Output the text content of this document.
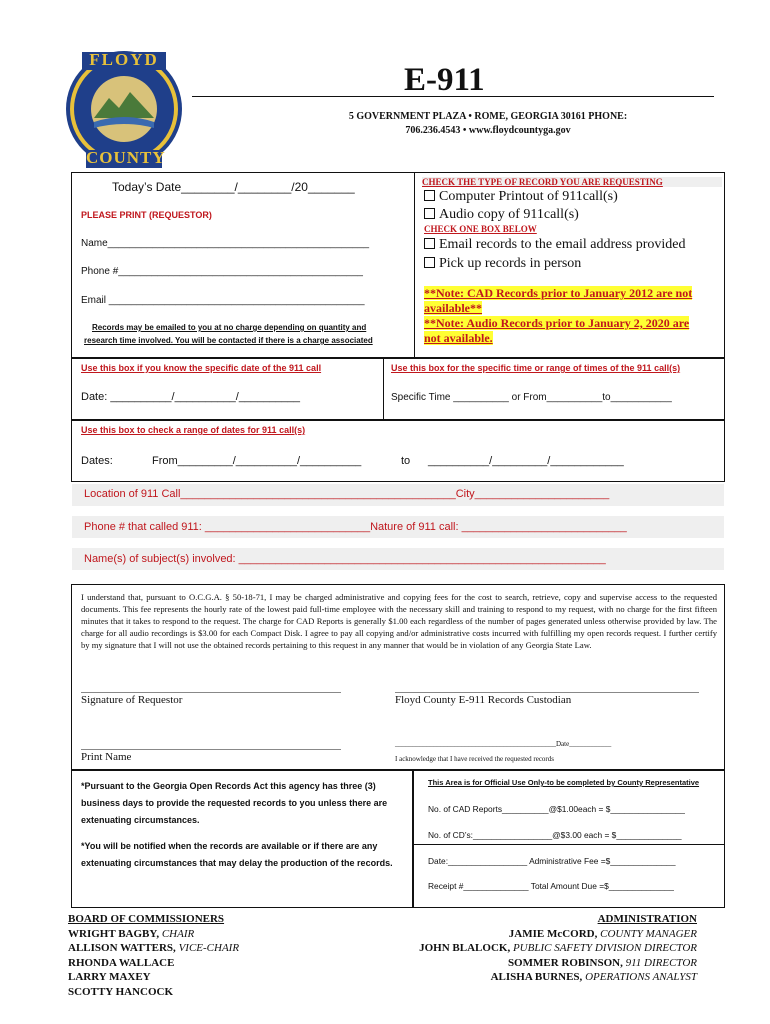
FLOYD
COUNTY
E-911
5 GOVERNMENT PLAZA • ROME, GEORGIA 30161 PHONE:
706.236.4543 • www.floydcountyga.gov
Today’s Date________/________/20_______
PLEASE PRINT (REQUESTOR)
Name_______________________________________________
Phone #____________________________________________
Email ______________________________________________
Records may be emailed to you at no charge depending on quantity and
research time involved. You will be contacted if there is a charge associated
CHECK THE TYPE OF RECORD YOU ARE REQUESTING
Computer Printout of 911call(s)
Audio copy of 911call(s)
CHECK ONE BOX BELOW
Email records to the email address provided
Pick up records in person
**Note: CAD Records prior to January 2012 are not
available**
**Note: Audio Records prior to January 2, 2020 are
not available.
Use this box if you know the specific date of the 911 call
Date: __________/__________/__________
Use this box for the specific time or range of times of the 911 call(s)
Specific Time __________ or From__________to___________
Use this box to check a range of dates for 911 call(s)
Dates:	From_________/__________/__________	to __________/_________/____________
Location of 911 Call_____________________________________________City______________________
Phone # that called 911: ___________________________Nature of 911 call: ___________________________
Name(s) of subject(s) involved: ____________________________________________________________
I understand that, pursuant to O.C.G.A. § 50-18-71, I may be charged administrative and copying fees for the cost to search, retrieve, copy and supervise access to the requested documents. This fee represents the hourly rate of the lowest paid full-time employee with the necessary skill and training to respond to my request, with no charge for the first fifteen minutes that it takes to respond to the request. The charge for CAD Reports is generally $1.00 each regardless of the number of pages generated unless otherwise provided by law. The charge for all audio recordings is $3.00 for each Compact Disk. I agree to pay all copying and/or administrative costs incurred with fulfilling my open records request. I further certify by my signature that I will not use the obtained records pertaining to this request in any manner that would be in violation of any Georgia State Law.
Signature of Requestor	Floyd County E-911 Records Custodian
Print Name
______________________________________________Date____________
I acknowledge that I have received the requested records
*Pursuant to the Georgia Open Records Act this agency has three (3) business days to provide the requested records to you unless there are extenuating circumstances.
*You will be notified when the records are available or if there are any extenuating circumstances that may delay the production of the records.
This Area is for Official Use Only-to be completed by County Representative
No. of CAD Reports__________@$1.00each = $________________
No. of CD’s:_________________@$3.00 each = $______________
Date:_________________ Administrative Fee =$______________
Receipt #______________ Total Amount Due =$______________
BOARD OF COMMISSIONERS
WRIGHT BAGBY, CHAIR
ALLISON WATTERS, VICE-CHAIR
RHONDA WALLACE
LARRY MAXEY
SCOTTY HANCOCK
ADMINISTRATION
JAMIE McCORD, COUNTY MANAGER
JOHN BLALOCK, PUBLIC SAFETY DIVISION DIRECTOR
SOMMER ROBINSON, 911 DIRECTOR
ALISHA BURNES, OPERATIONS ANALYST
